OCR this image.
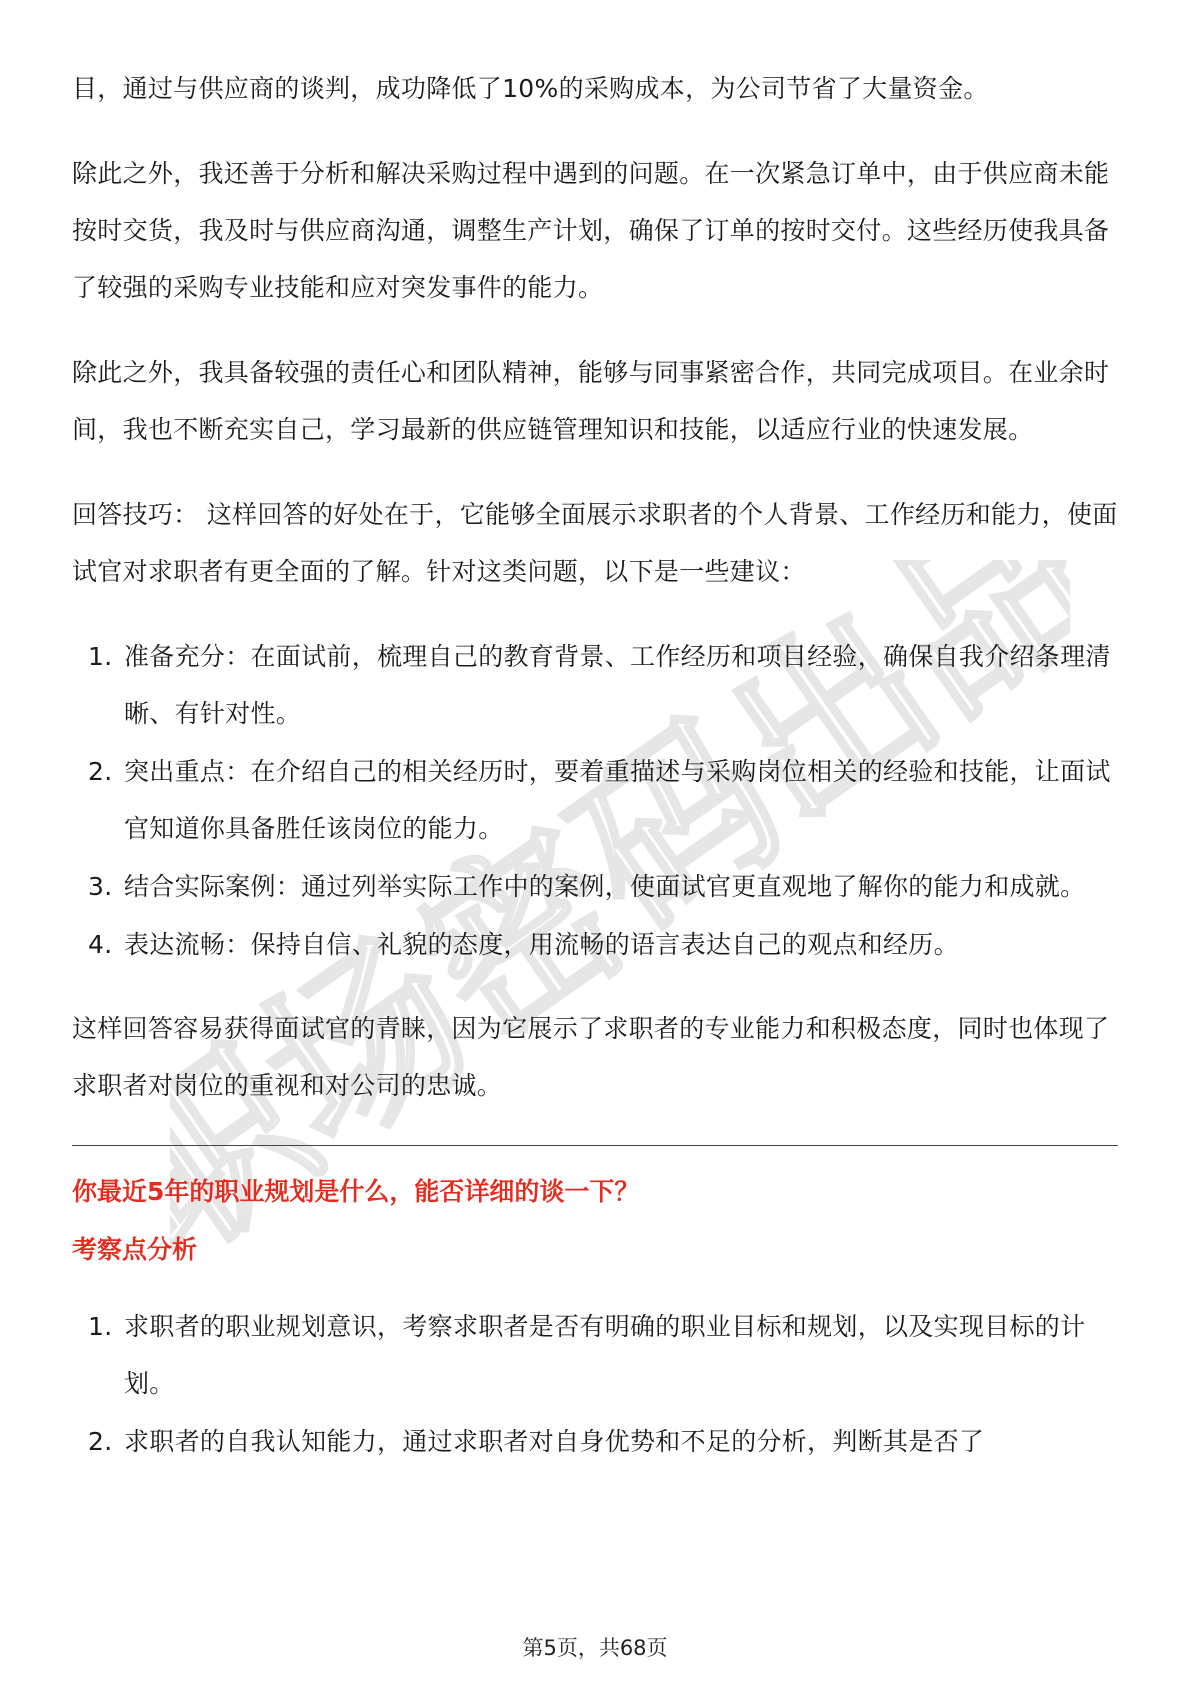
职场密码出品

目，通过与供应商的谈判，成功降低了10%的采购成本，为公司节省了大量资金。

除此之外，我还善于分析和解决采购过程中遇到的问题。在一次紧急订单中，由于供应商未能按时交货，我及时与供应商沟通，调整生产计划，确保了订单的按时交付。这些经历使我具备了较强的采购专业技能和应对突发事件的能力。

除此之外，我具备较强的责任心和团队精神，能够与同事紧密合作，共同完成项目。在业余时间，我也不断充实自己，学习最新的供应链管理知识和技能，以适应行业的快速发展。

回答技巧： 这样回答的好处在于，它能够全面展示求职者的个人背景、工作经历和能力，使面试官对求职者有更全面的了解。针对这类问题，以下是一些建议：

1. 准备充分：在面试前，梳理自己的教育背景、工作经历和项目经验，确保自我介绍条理清晰、有针对性。
2. 突出重点：在介绍自己的相关经历时，要着重描述与采购岗位相关的经验和技能，让面试官知道你具备胜任该岗位的能力。
3. 结合实际案例：通过列举实际工作中的案例，使面试官更直观地了解你的能力和成就。
4. 表达流畅：保持自信、礼貌的态度，用流畅的语言表达自己的观点和经历。

这样回答容易获得面试官的青睐，因为它展示了求职者的专业能力和积极态度，同时也体现了求职者对岗位的重视和对公司的忠诚。

你最近5年的职业规划是什么，能否详细的谈一下？
考察点分析
1. 求职者的职业规划意识，考察求职者是否有明确的职业目标和规划，以及实现目标的计划。
2. 求职者的自我认知能力，通过求职者对自身优势和不足的分析，判断其是否了
第5页，共68页
